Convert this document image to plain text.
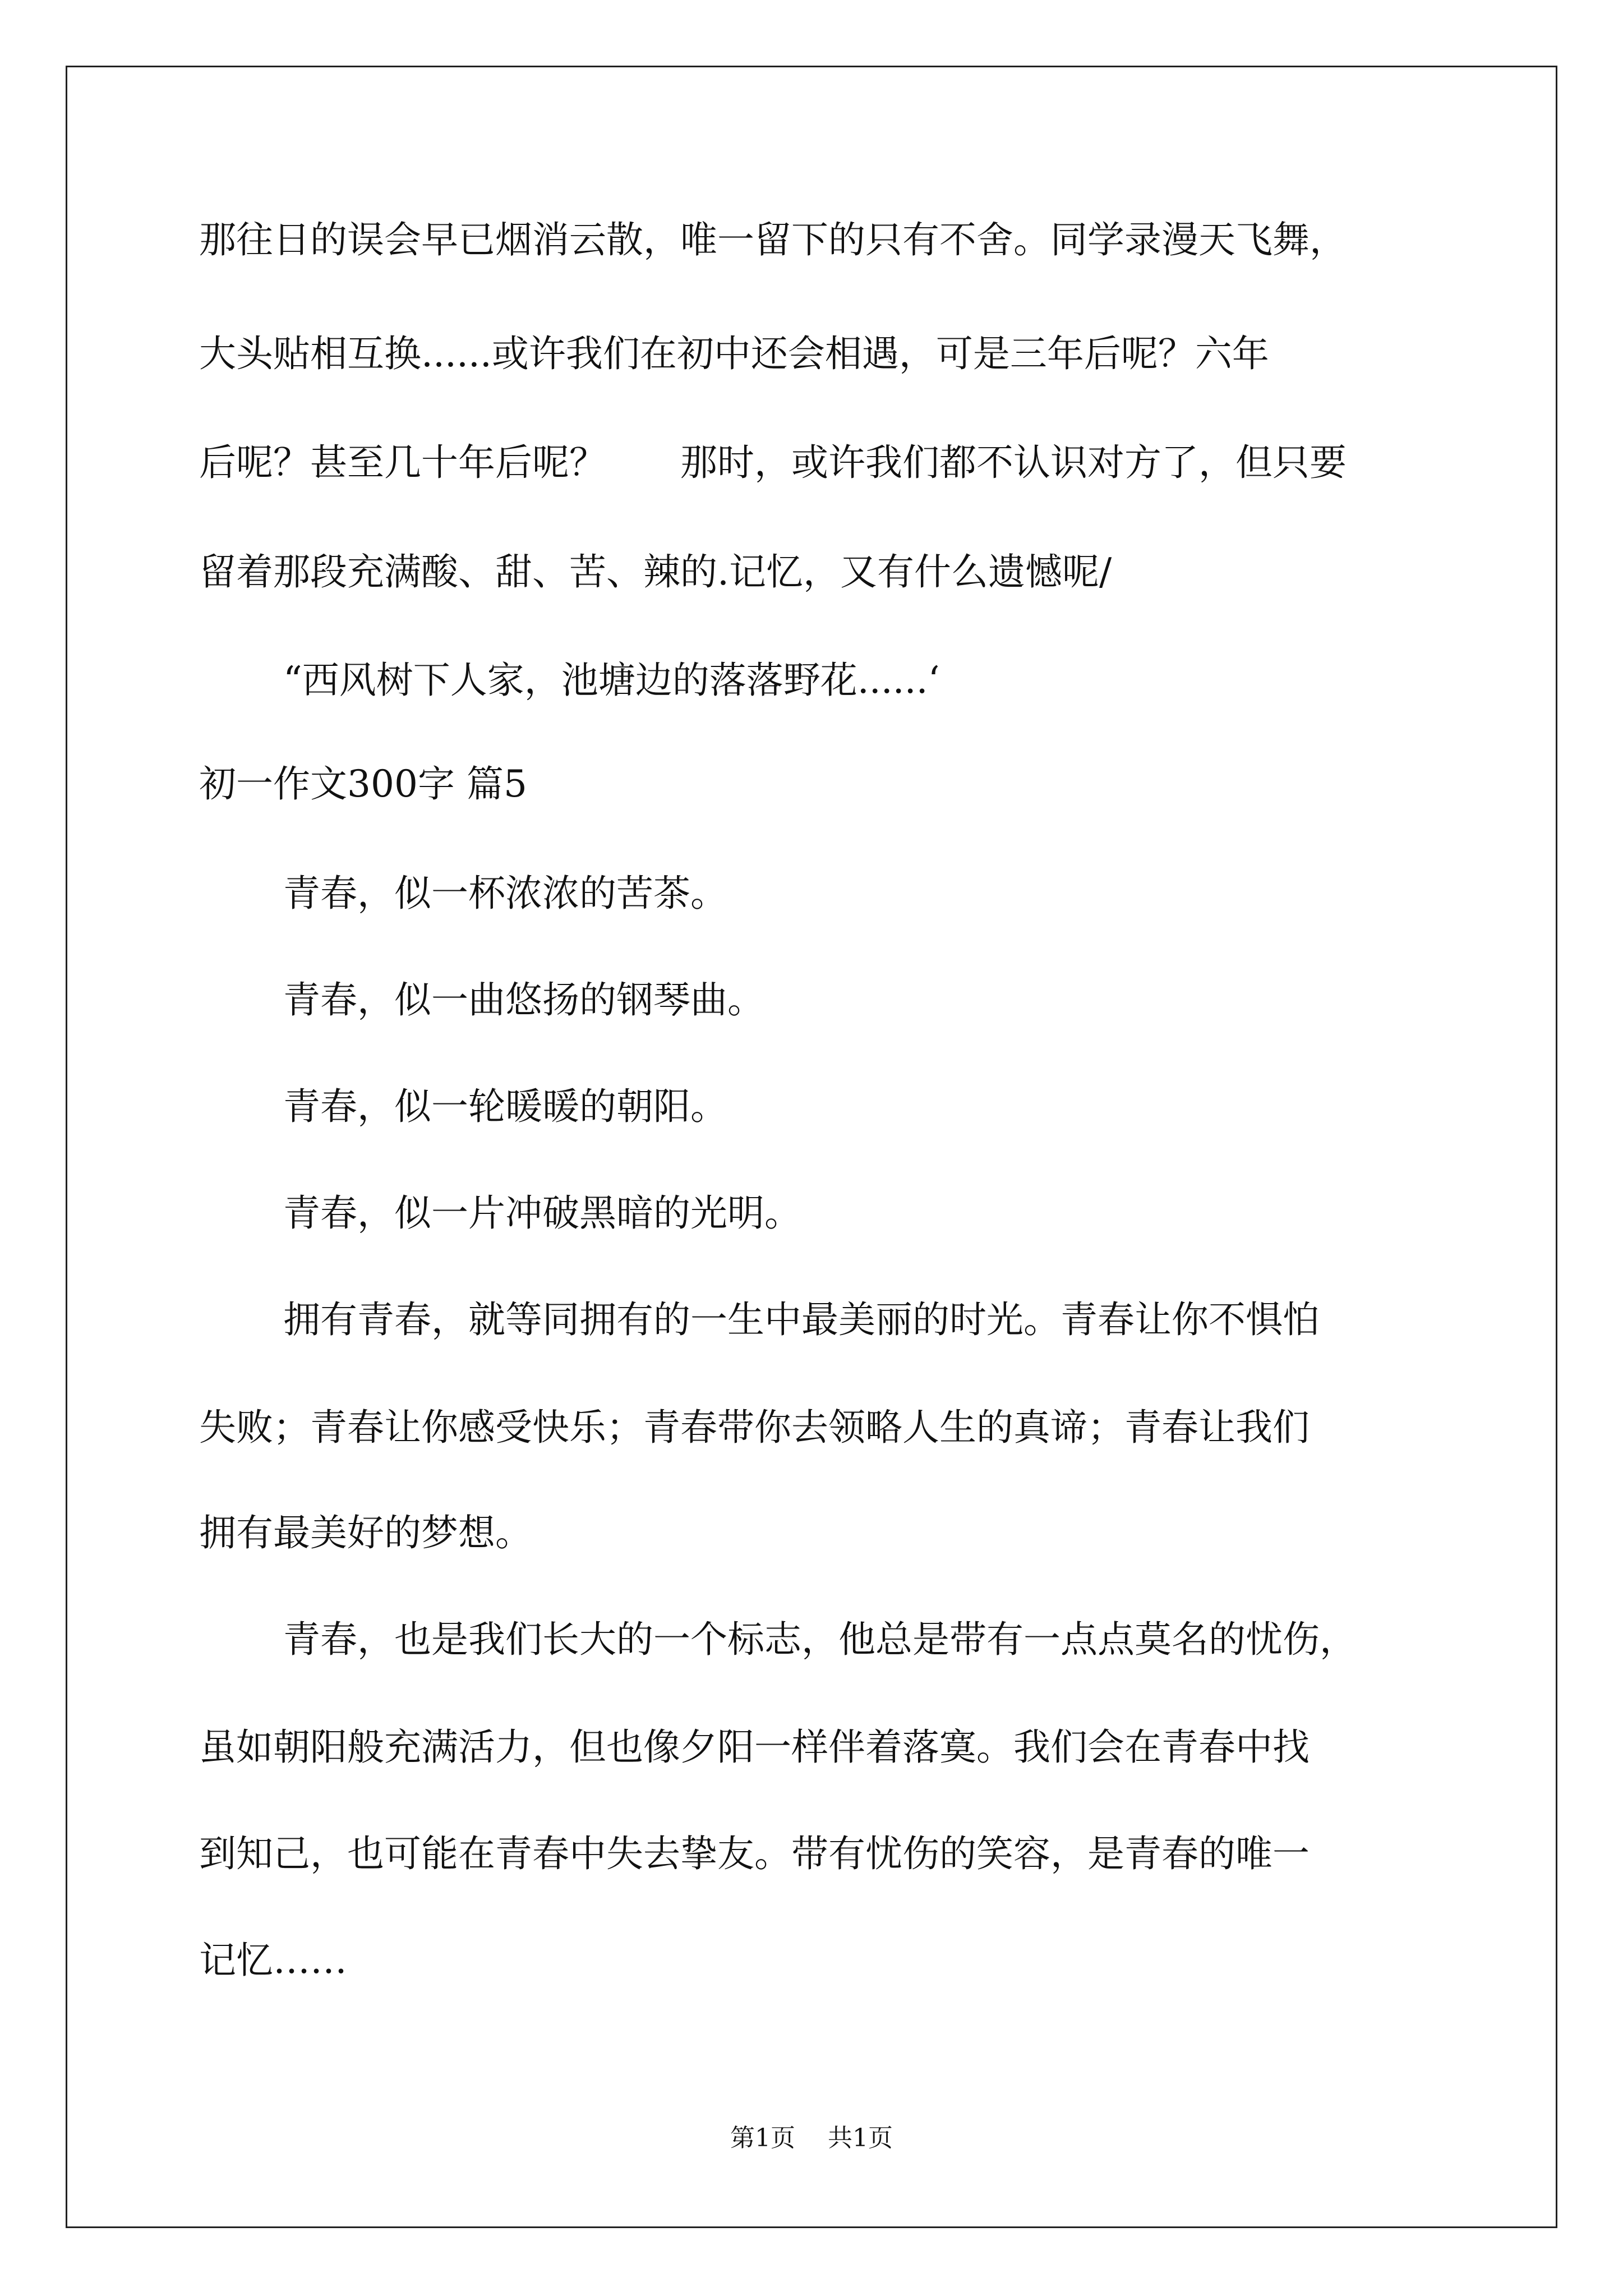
那往日的误会早已烟消云散，唯一留下的只有不舍。同学录漫天飞舞，
大头贴相互换......或许我们在初中还会相遇，可是三年后呢？六年
后呢？甚至几十年后呢？　　那时，或许我们都不认识对方了，但只要
留着那段充满酸、甜、苦、辣的.记忆，又有什么遗憾呢/
“西风树下人家，池塘边的落落野花......‘
初一作文300字 篇5
青春，似一杯浓浓的苦茶。
青春，似一曲悠扬的钢琴曲。
青春，似一轮暖暖的朝阳。
青春，似一片冲破黑暗的光明。
拥有青春，就等同拥有的一生中最美丽的时光。青春让你不惧怕
失败；青春让你感受快乐；青春带你去领略人生的真谛；青春让我们
拥有最美好的梦想。
青春，也是我们长大的一个标志，他总是带有一点点莫名的忧伤，
虽如朝阳般充满活力，但也像夕阳一样伴着落寞。我们会在青春中找
到知己，也可能在青春中失去挚友。带有忧伤的笑容，是青春的唯一
记忆……
第1页 共1页
